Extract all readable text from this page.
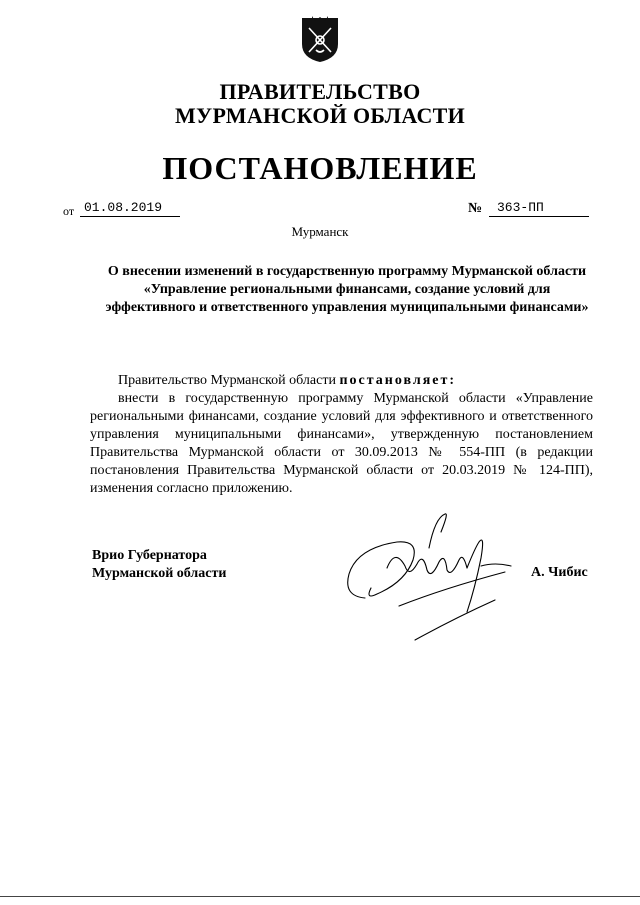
ПРАВИТЕЛЬСТВО
МУРМАНСКОЙ ОБЛАСТИ
ПОСТАНОВЛЕНИЕ
от 01.08.2019	№	363-ПП
Мурманск
О внесении изменений в государственную программу Мурманской области «Управление региональными финансами, создание условий для эффективного и ответственного управления муниципальными финансами»
Правительство Мурманской области постановляет:
внести в государственную программу Мурманской области «Управление региональными финансами, создание условий для эффективного и ответственного управления муниципальными финансами», утвержденную постановлением Правительства Мурманской области от 30.09.2013 № 554-ПП (в редакции постановления Правительства Мурманской области от 20.03.2019 № 124-ПП), изменения согласно приложению.
Врио Губернатора
Мурманской области	А. Чибис
